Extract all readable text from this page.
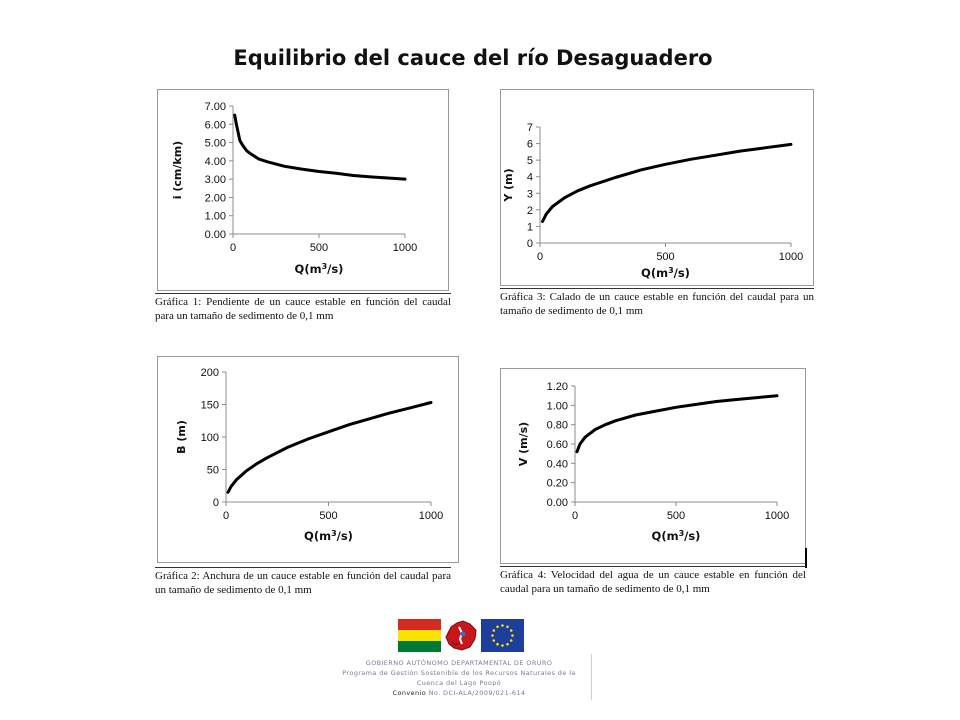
Equilibrio del cauce del río Desaguadero
0.00
1.00
2.00
3.00
4.00
5.00
6.00
7.00
0	500	1000
$Q(m^3/s)$
i (cm/km)
Gráfica 1: Pendiente de un cauce estable en función del caudal para un tamaño de sedimento de 0,1 mm
0
1
2
3
4
5
6
7
0	500	1000
$Q(m^3/s)$
Y (m)
Gráfica 3: Calado de un cauce estable en función del caudal para un tamaño de sedimento de 0,1 mm
0
50
100
150
200
0	500	1000
$Q(m^3/s)$
B (m)
Gráfica 2: Anchura de un cauce estable en función del caudal para un tamaño de sedimento de 0,1 mm
0.00
0.20
0.40
0.60
0.80
1.00
1.20
0	500	1000
$Q(m^3/s)$
V (m/s)
Gráfica 4: Velocidad del agua de un cauce estable en función del caudal para un tamaño de sedimento de 0,1 mm
GOBIERNO AUTÓNOMO DEPARTAMENTAL DE ORURO
Programa de Gestión Sostenible de los Recursos Naturales de la
Cuenca del Lago Poopó
Convenio No. DCI-ALA/2009/021-614
